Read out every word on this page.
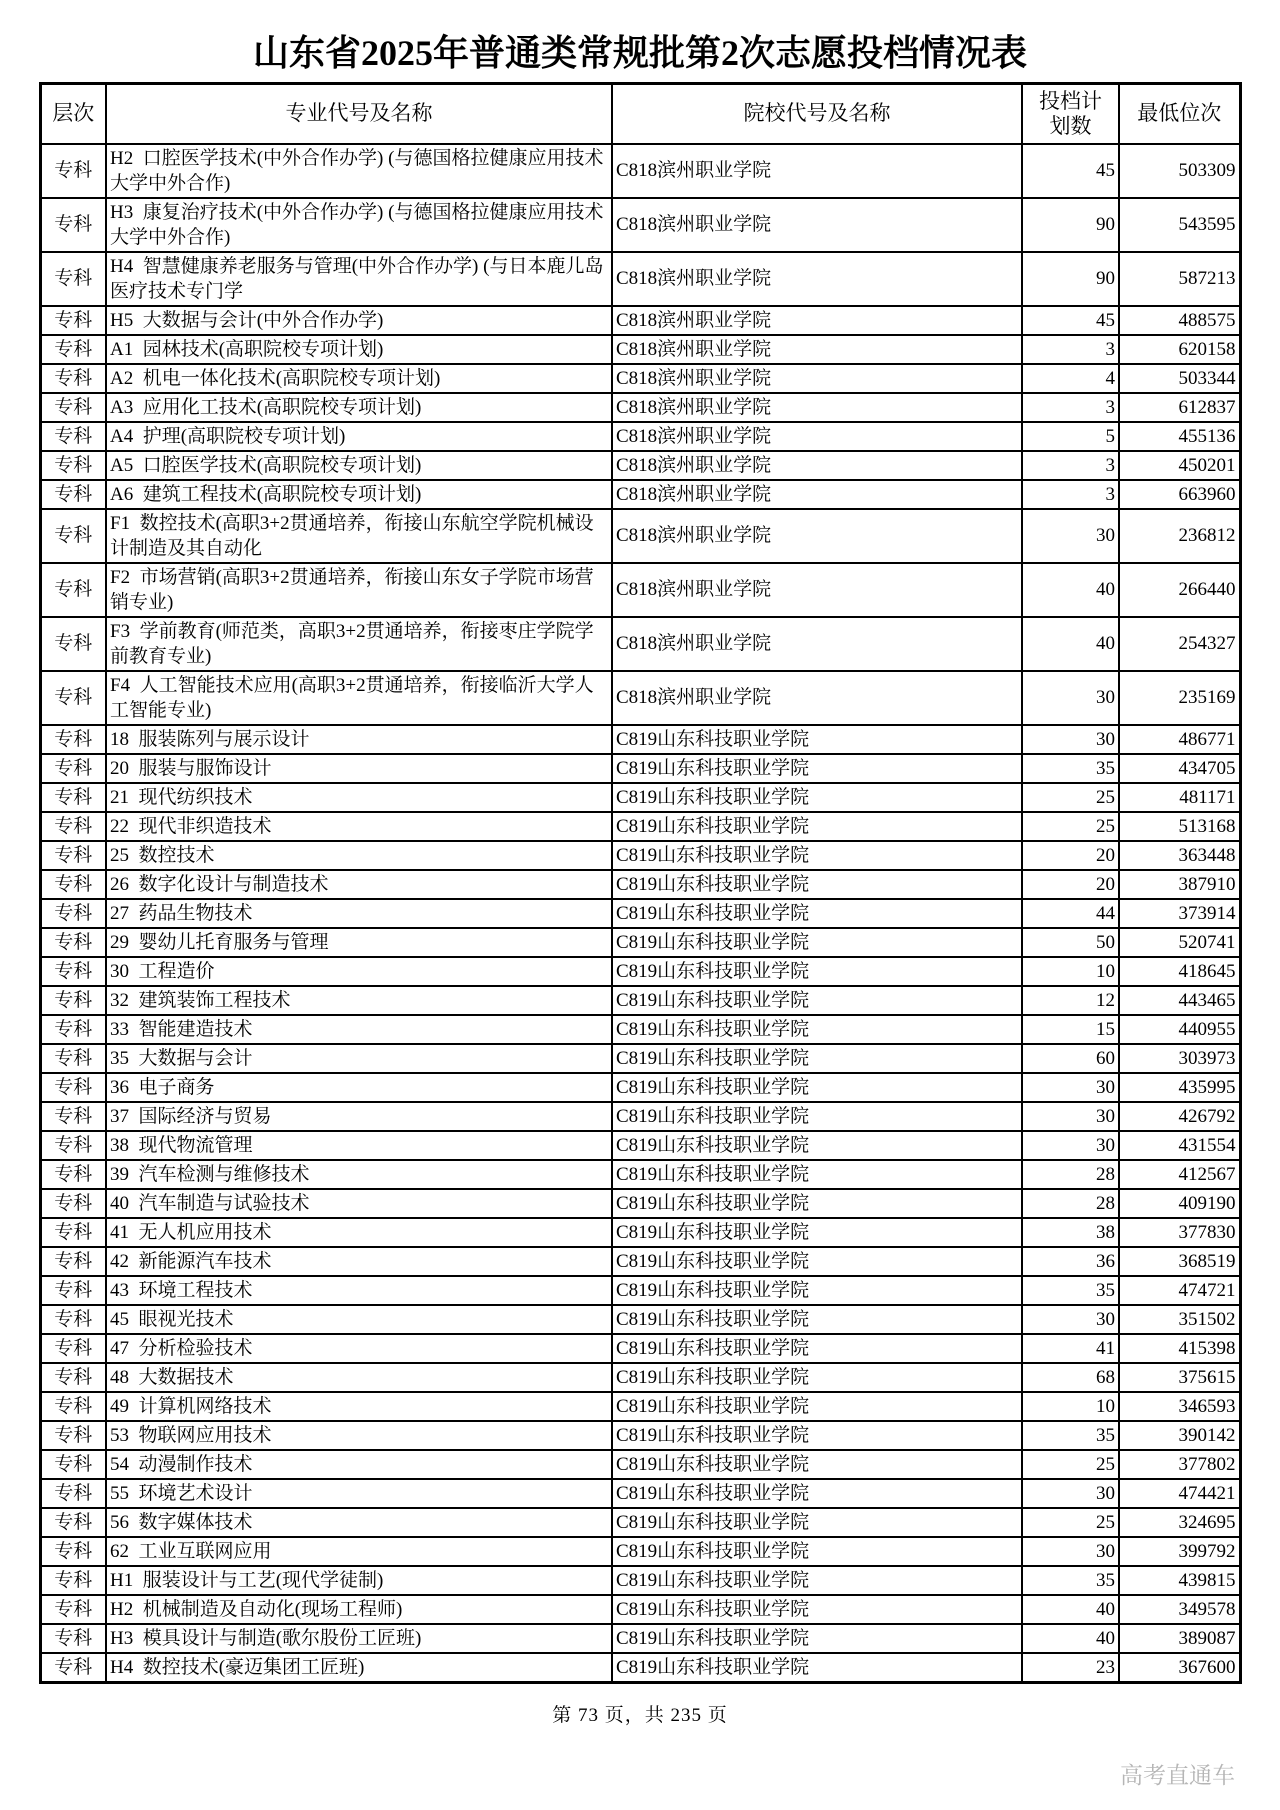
山东省2025年普通类常规批第2次志愿投档情况表
层次	专业代号及名称	院校代号及名称	投档计划数	最低位次
专科	H2  口腔医学技术(中外合作办学) (与德国格拉健康应用技术大学中外合作)	C818滨州职业学院	45	503309
专科	H3  康复治疗技术(中外合作办学) (与德国格拉健康应用技术大学中外合作)	C818滨州职业学院	90	543595
专科	H4  智慧健康养老服务与管理(中外合作办学) (与日本鹿儿岛医疗技术专门学	C818滨州职业学院	90	587213
专科	H5  大数据与会计(中外合作办学)	C818滨州职业学院	45	488575
专科	A1  园林技术(高职院校专项计划)	C818滨州职业学院	3	620158
专科	A2  机电一体化技术(高职院校专项计划)	C818滨州职业学院	4	503344
专科	A3  应用化工技术(高职院校专项计划)	C818滨州职业学院	3	612837
专科	A4  护理(高职院校专项计划)	C818滨州职业学院	5	455136
专科	A5  口腔医学技术(高职院校专项计划)	C818滨州职业学院	3	450201
专科	A6  建筑工程技术(高职院校专项计划)	C818滨州职业学院	3	663960
专科	F1  数控技术(高职3+2贯通培养，衔接山东航空学院机械设计制造及其自动化	C818滨州职业学院	30	236812
专科	F2  市场营销(高职3+2贯通培养，衔接山东女子学院市场营销专业)	C818滨州职业学院	40	266440
专科	F3  学前教育(师范类，高职3+2贯通培养，衔接枣庄学院学前教育专业)	C818滨州职业学院	40	254327
专科	F4  人工智能技术应用(高职3+2贯通培养，衔接临沂大学人工智能专业)	C818滨州职业学院	30	235169
专科	18  服装陈列与展示设计	C819山东科技职业学院	30	486771
专科	20  服装与服饰设计	C819山东科技职业学院	35	434705
专科	21  现代纺织技术	C819山东科技职业学院	25	481171
专科	22  现代非织造技术	C819山东科技职业学院	25	513168
专科	25  数控技术	C819山东科技职业学院	20	363448
专科	26  数字化设计与制造技术	C819山东科技职业学院	20	387910
专科	27  药品生物技术	C819山东科技职业学院	44	373914
专科	29  婴幼儿托育服务与管理	C819山东科技职业学院	50	520741
专科	30  工程造价	C819山东科技职业学院	10	418645
专科	32  建筑装饰工程技术	C819山东科技职业学院	12	443465
专科	33  智能建造技术	C819山东科技职业学院	15	440955
专科	35  大数据与会计	C819山东科技职业学院	60	303973
专科	36  电子商务	C819山东科技职业学院	30	435995
专科	37  国际经济与贸易	C819山东科技职业学院	30	426792
专科	38  现代物流管理	C819山东科技职业学院	30	431554
专科	39  汽车检测与维修技术	C819山东科技职业学院	28	412567
专科	40  汽车制造与试验技术	C819山东科技职业学院	28	409190
专科	41  无人机应用技术	C819山东科技职业学院	38	377830
专科	42  新能源汽车技术	C819山东科技职业学院	36	368519
专科	43  环境工程技术	C819山东科技职业学院	35	474721
专科	45  眼视光技术	C819山东科技职业学院	30	351502
专科	47  分析检验技术	C819山东科技职业学院	41	415398
专科	48  大数据技术	C819山东科技职业学院	68	375615
专科	49  计算机网络技术	C819山东科技职业学院	10	346593
专科	53  物联网应用技术	C819山东科技职业学院	35	390142
专科	54  动漫制作技术	C819山东科技职业学院	25	377802
专科	55  环境艺术设计	C819山东科技职业学院	30	474421
专科	56  数字媒体技术	C819山东科技职业学院	25	324695
专科	62  工业互联网应用	C819山东科技职业学院	30	399792
专科	H1  服装设计与工艺(现代学徒制)	C819山东科技职业学院	35	439815
专科	H2  机械制造及自动化(现场工程师)	C819山东科技职业学院	40	349578
专科	H3  模具设计与制造(歌尔股份工匠班)	C819山东科技职业学院	40	389087
专科	H4  数控技术(豪迈集团工匠班)	C819山东科技职业学院	23	367600
第 73 页，共 235 页
高考直通车
